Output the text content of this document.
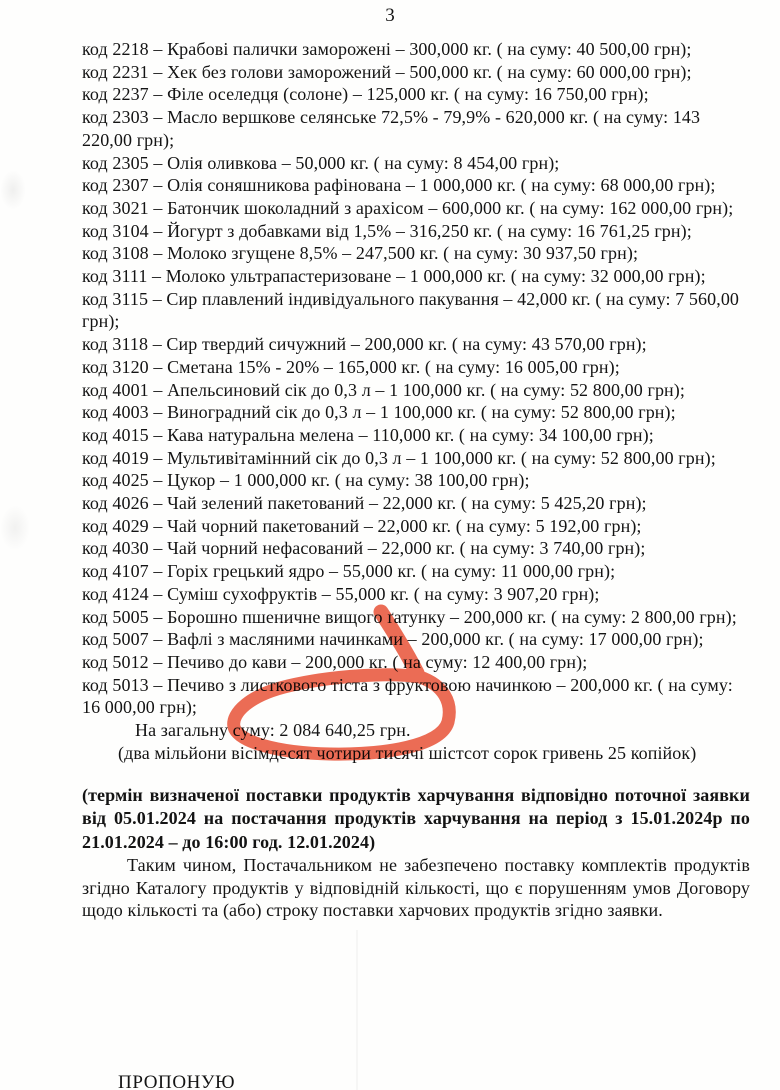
3
код 2218 – Крабові палички заморожені – 300,000 кг. ( на суму: 40 500,00 грн);
код 2231 – Хек без голови заморожений – 500,000 кг. ( на суму: 60 000,00 грн);
код 2237 – Філе оселедця (солоне) – 125,000 кг. ( на суму: 16 750,00 грн);
код 2303 – Масло вершкове селянське 72,5% - 79,9% - 620,000 кг. ( на суму: 143 220,00 грн);
код 2305 – Олія оливкова – 50,000 кг. ( на суму: 8 454,00 грн);
код 2307 – Олія соняшникова рафінована – 1 000,000 кг. ( на суму: 68 000,00 грн);
код 3021 – Батончик шоколадний з арахісом – 600,000 кг. ( на суму: 162 000,00 грн);
код 3104 – Йогурт з добавками від 1,5% – 316,250 кг. ( на суму: 16 761,25 грн);
код 3108 – Молоко згущене 8,5% – 247,500 кг. ( на суму: 30 937,50 грн);
код 3111 – Молоко ультрапастеризоване – 1 000,000 кг. ( на суму: 32 000,00 грн);
код 3115 – Сир плавлений індивідуального пакування – 42,000 кг. ( на суму: 7 560,00 грн);
код 3118 – Сир твердий сичужний – 200,000 кг. ( на суму: 43 570,00 грн);
код 3120 – Сметана 15% - 20% – 165,000 кг. ( на суму: 16 005,00 грн);
код 4001 – Апельсиновий сік до 0,3 л – 1 100,000 кг. ( на суму: 52 800,00 грн);
код 4003 – Виноградний сік до 0,3 л – 1 100,000 кг. ( на суму: 52 800,00 грн);
код 4015 – Кава натуральна мелена – 110,000 кг. ( на суму: 34 100,00 грн);
код 4019 – Мультивітамінний сік до 0,3 л – 1 100,000 кг. ( на суму: 52 800,00 грн);
код 4025 – Цукор – 1 000,000 кг. ( на суму: 38 100,00 грн);
код 4026 – Чай зелений пакетований – 22,000 кг. ( на суму: 5 425,20 грн);
код 4029 – Чай чорний пакетований – 22,000 кг. ( на суму: 5 192,00 грн);
код 4030 – Чай чорний нефасований – 22,000 кг. ( на суму: 3 740,00 грн);
код 4107 – Горіх грецький ядро – 55,000 кг. ( на суму: 11 000,00 грн);
код 4124 – Суміш сухофруктів – 55,000 кг. ( на суму: 3 907,20 грн);
код 5005 – Борошно пшеничне вищого ґатунку – 200,000 кг. ( на суму: 2 800,00 грн);
код 5007 – Вафлі з масляними начинками – 200,000 кг. ( на суму: 17 000,00 грн);
код 5012 – Печиво до кави – 200,000 кг. ( на суму: 12 400,00 грн);
код 5013 – Печиво з листкового тіста з фруктовою начинкою – 200,000 кг. ( на суму: 16 000,00 грн);
На загальну суму: 2 084 640,25 грн.
(два мільйони вісімдесят чотири тисячі шістсот сорок гривень 25 копійок)
(термін визначеної поставки продуктів харчування відповідно поточної заявки від 05.01.2024 на постачання продуктів харчування на період з 15.01.2024р по 21.01.2024 – до 16:00 год. 12.01.2024)
Таким чином, Постачальником не забезпечено поставку комплектів продуктів згідно Каталогу продуктів у відповідній кількості, що є порушенням умов Договору щодо кількості та (або) строку поставки харчових продуктів згідно заявки.
ПРОПОНУЮ
